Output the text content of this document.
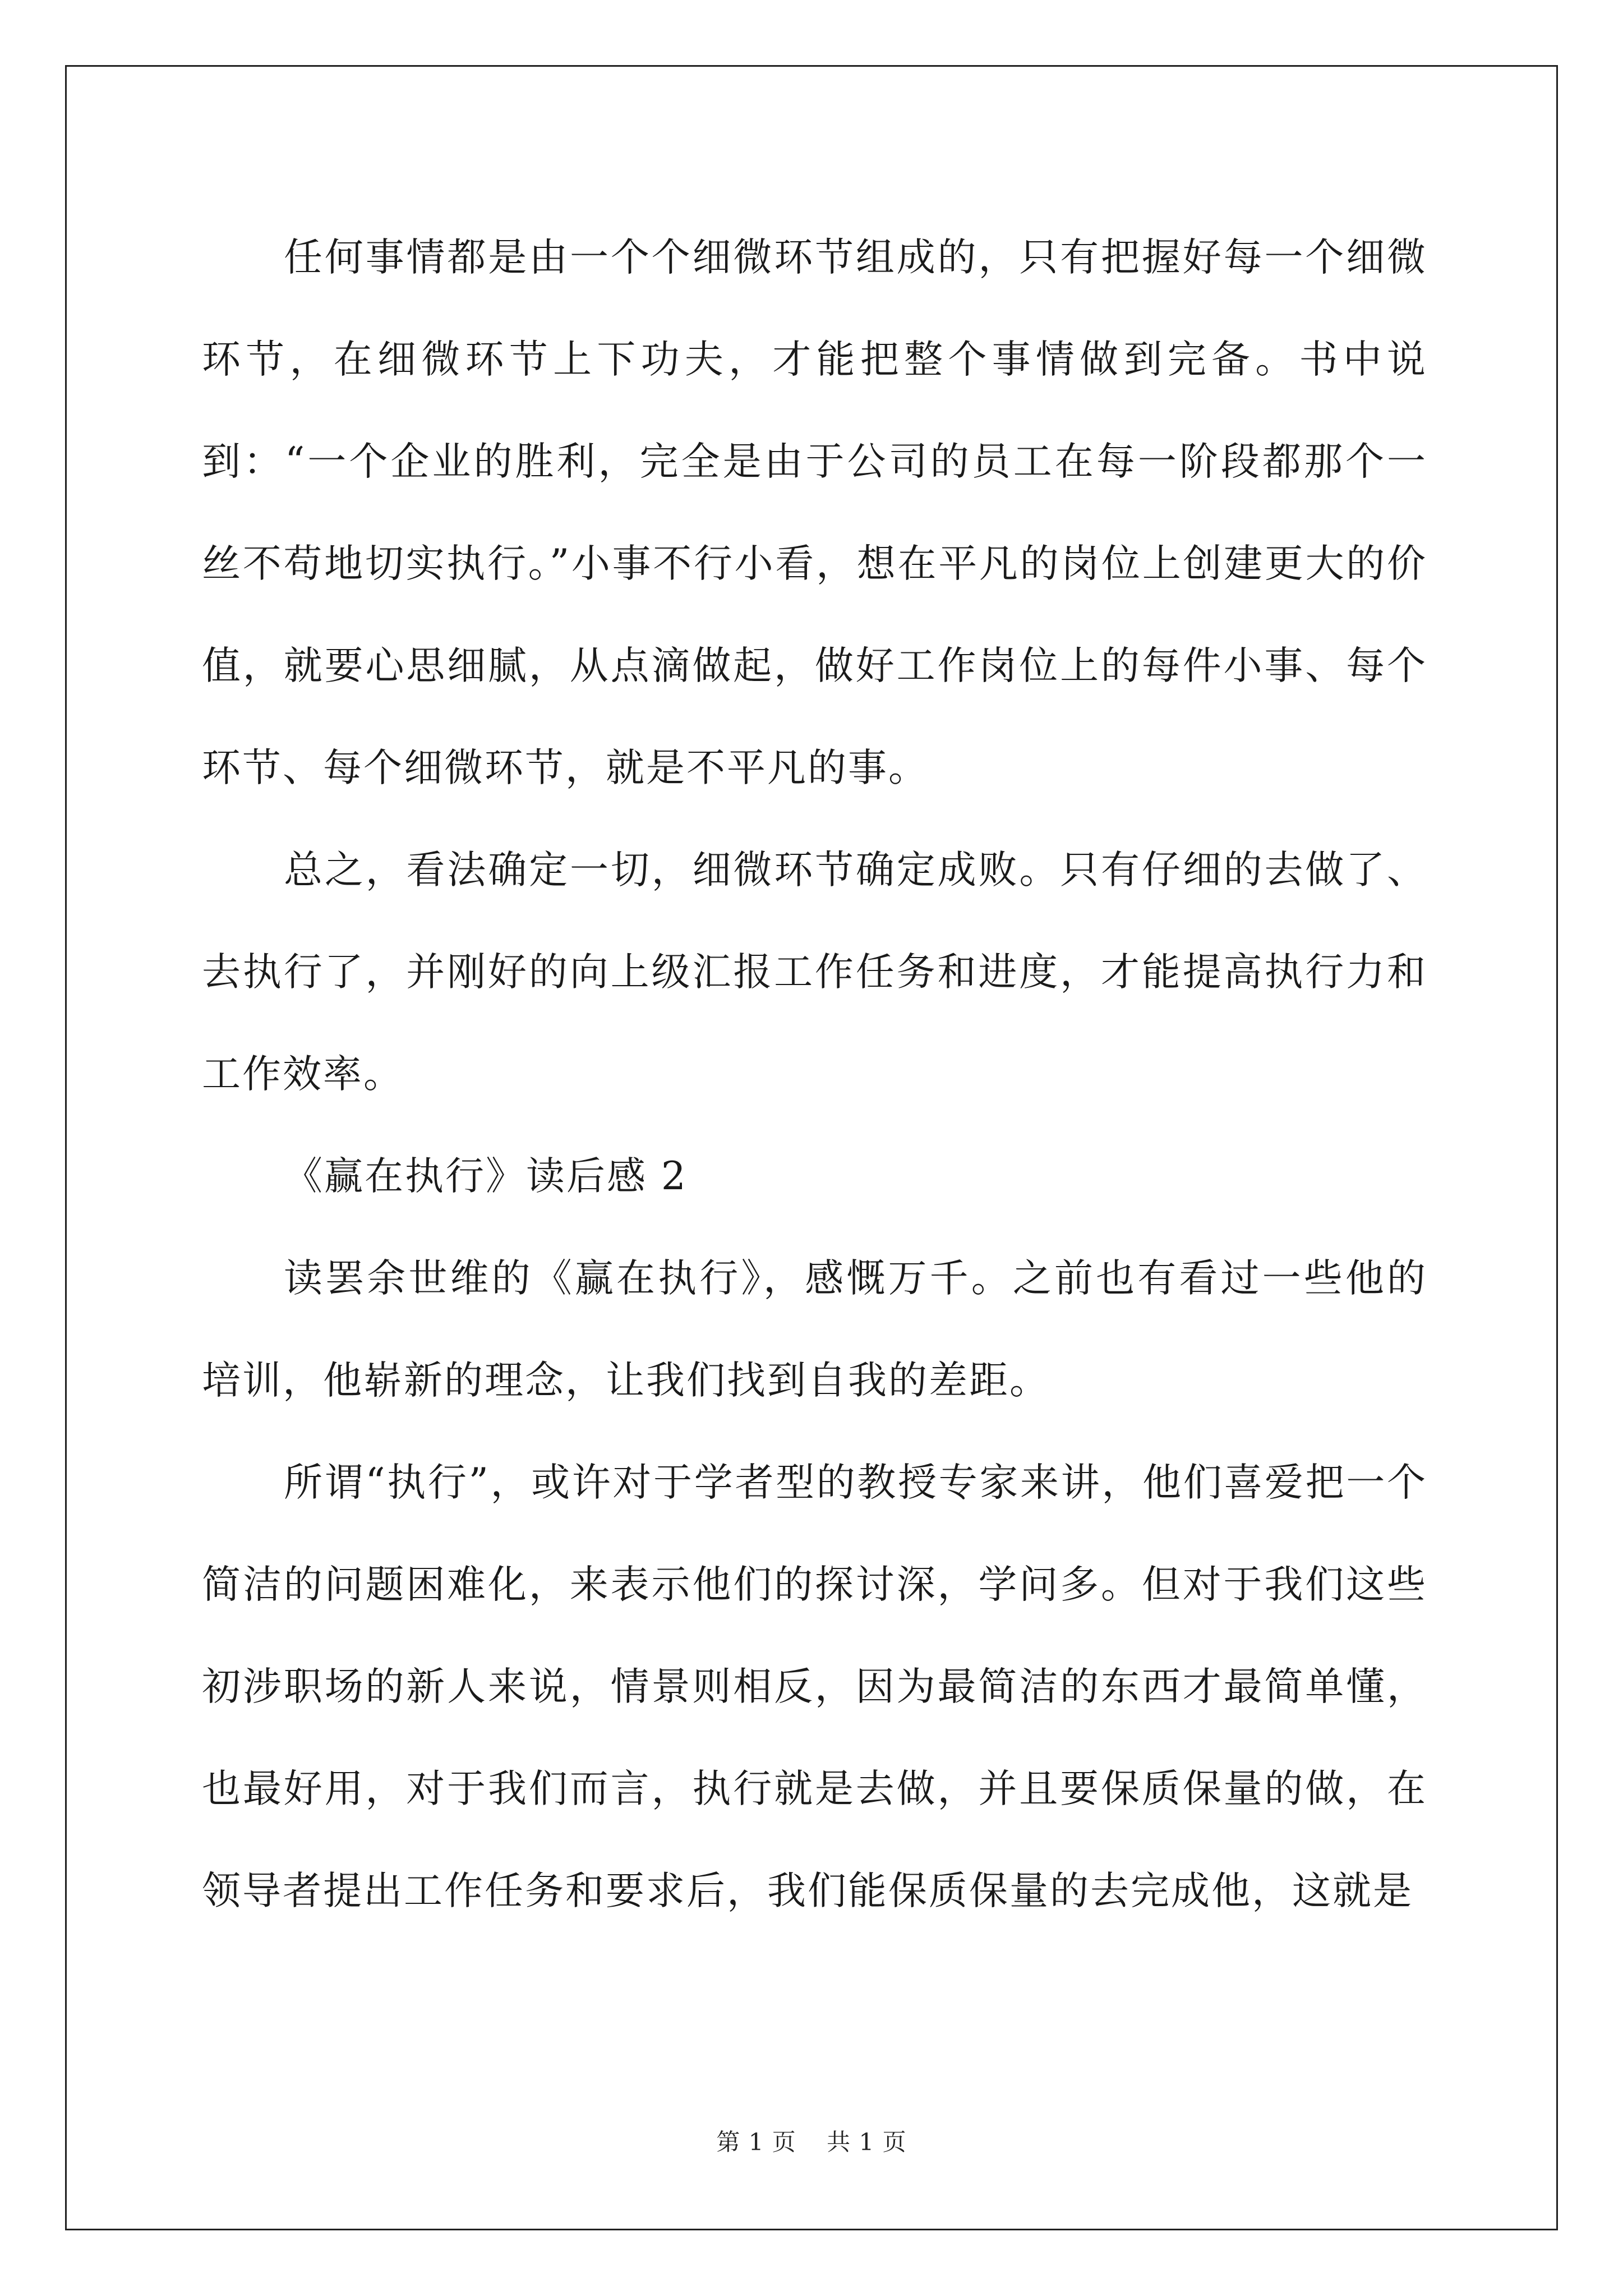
任何事情都是由一个个细微环节组成的，只有把握好每一个细微环节，在细微环节上下功夫，才能把整个事情做到完备。书中说到：“一个企业的胜利，完全是由于公司的员工在每一阶段都那个一丝不苟地切实执行。”小事不行小看，想在平凡的岗位上创建更大的价值，就要心思细腻，从点滴做起，做好工作岗位上的每件小事、每个环节、每个细微环节，就是不平凡的事。

总之，看法确定一切，细微环节确定成败。只有仔细的去做了、去执行了，并刚好的向上级汇报工作任务和进度，才能提高执行力和工作效率。

《赢在执行》读后感 2

读罢余世维的《赢在执行》，感慨万千。之前也有看过一些他的培训，他崭新的理念，让我们找到自我的差距。

所谓“执行”，或许对于学者型的教授专家来讲，他们喜爱把一个简洁的问题困难化，来表示他们的探讨深，学问多。但对于我们这些初涉职场的新人来说，情景则相反，因为最简洁的东西才最简单懂，也最好用，对于我们而言，执行就是去做，并且要保质保量的做，在领导者提出工作任务和要求后，我们能保质保量的去完成他，这就是

第 1 页 共 1 页
